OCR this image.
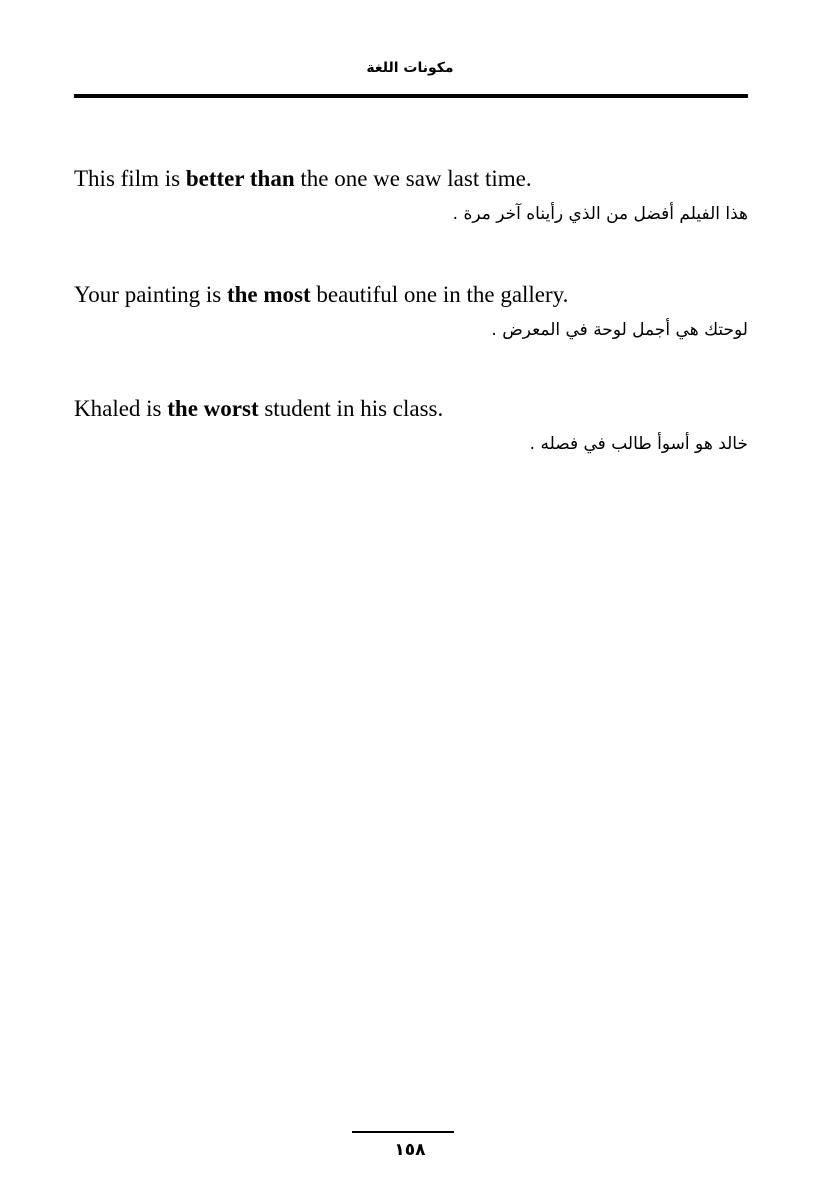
مكونات اللغة
This film is better than the one we saw last time.
هذا الفيلم أفضل من الذي رأيناه آخر مرة .
Your painting is the most beautiful one in the gallery.
لوحتك هي أجمل لوحة في المعرض .
Khaled is the worst student in his class.
خالد هو أسوأ طالب في فصله .
١٥٨
